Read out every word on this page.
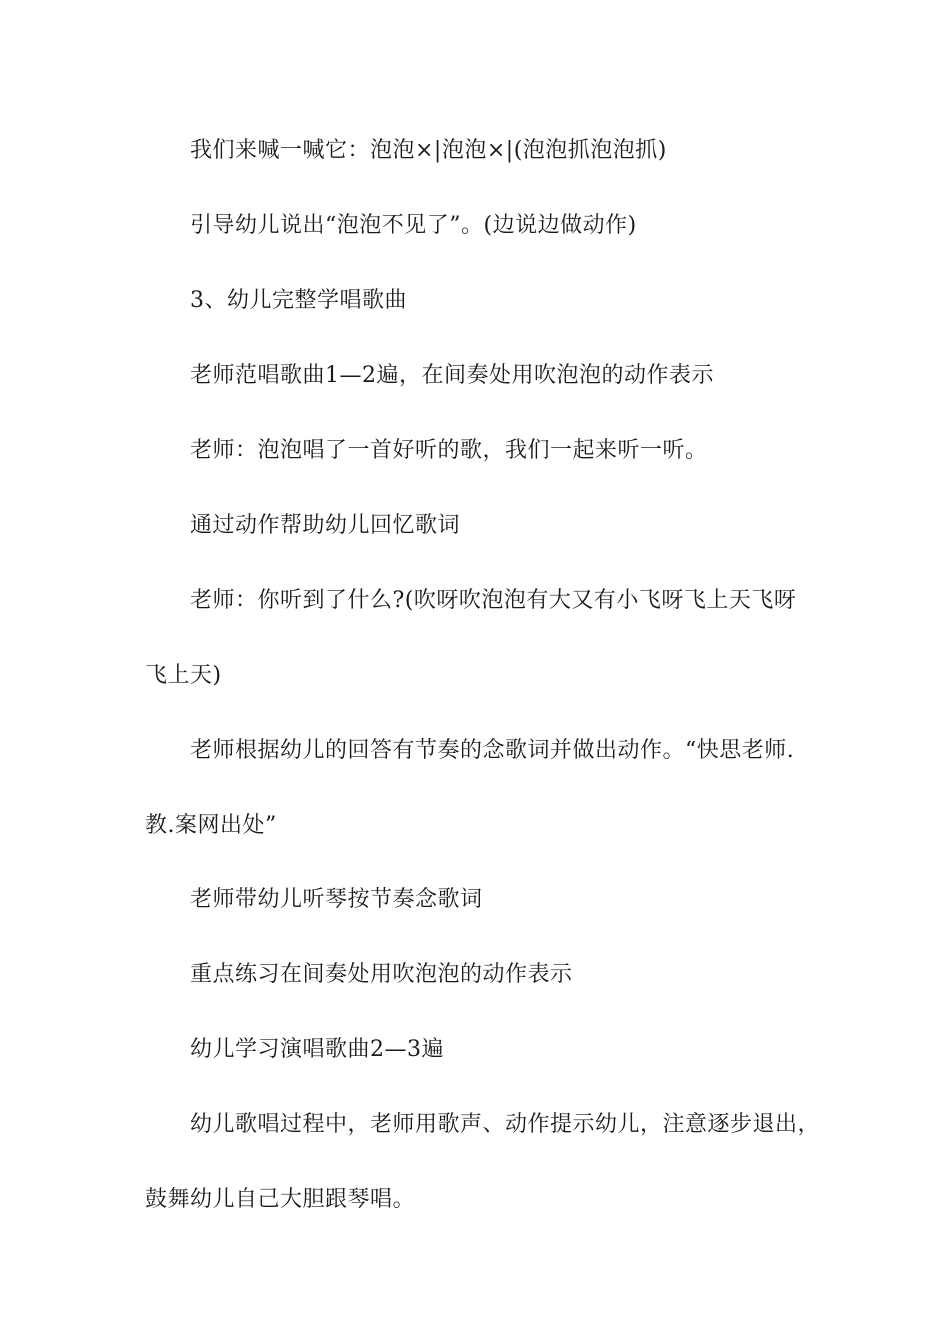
我们来喊一喊它：泡泡×|泡泡×|(泡泡抓泡泡抓)
引导幼儿说出“泡泡不见了”。(边说边做动作)
3、幼儿完整学唱歌曲
老师范唱歌曲1—2遍，在间奏处用吹泡泡的动作表示
老师：泡泡唱了一首好听的歌，我们一起来听一听。
通过动作帮助幼儿回忆歌词
老师：你听到了什么?(吹呀吹泡泡有大又有小飞呀飞上天飞呀
飞上天)
老师根据幼儿的回答有节奏的念歌词并做出动作。“快思老师.
教.案网出处”
老师带幼儿听琴按节奏念歌词
重点练习在间奏处用吹泡泡的动作表示
幼儿学习演唱歌曲2—3遍
幼儿歌唱过程中，老师用歌声、动作提示幼儿，注意逐步退出，
鼓舞幼儿自己大胆跟琴唱。
